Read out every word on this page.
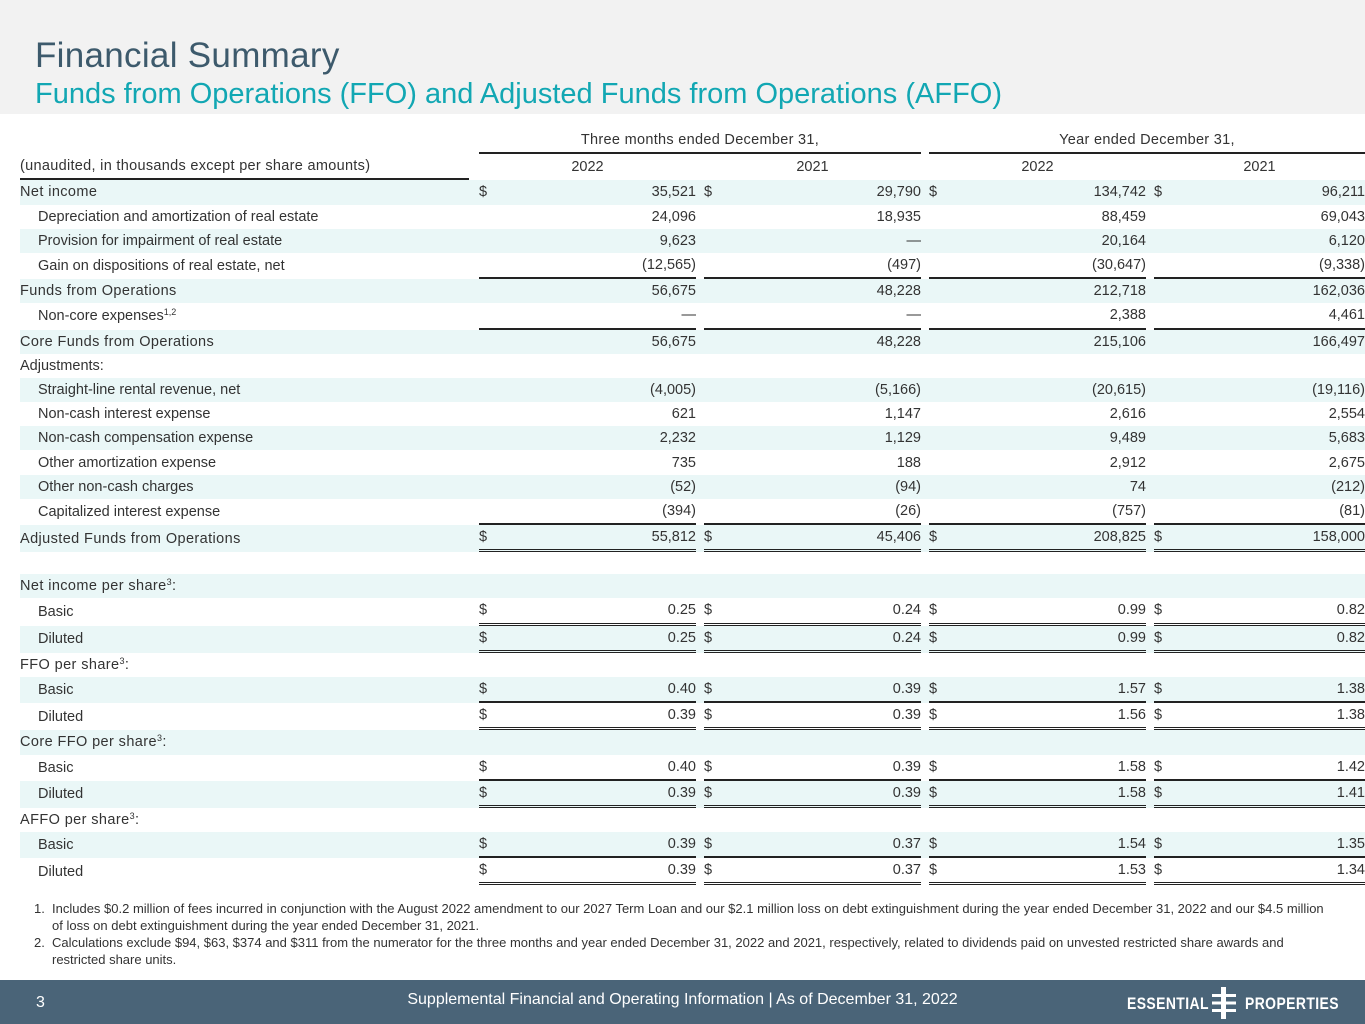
Financial Summary
Funds from Operations (FFO) and Adjusted Funds from Operations (AFFO)
		Three months ended December 31,						Year ended December 31,				
(unaudited, in thousands except per share amounts)		2022			2021			2022			2021	
Net income		$	35,521		$	29,790		$	134,742		$	96,211
Depreciation and amortization of real estate			24,096			18,935			88,459			69,043
Provision for impairment of real estate			9,623			—			20,164			6,120
Gain on dispositions of real estate, net			(12,565)			(497)			(30,647)			(9,338)
Funds from Operations			56,675			48,228			212,718			162,036
Non-core expenses$^{1,2}$			—			—			2,388			4,461
Core Funds from Operations			56,675			48,228			215,106			166,497
Adjustments:												
Straight-line rental revenue, net			(4,005)			(5,166)			(20,615)			(19,116)
Non-cash interest expense			621			1,147			2,616			2,554
Non-cash compensation expense			2,232			1,129			9,489			5,683
Other amortization expense			735			188			2,912			2,675
Other non-cash charges			(52)			(94)			74			(212)
Capitalized interest expense			(394)			(26)			(757)			(81)
Adjusted Funds from Operations		$	55,812		$	45,406		$	208,825		$	158,000

Net income per share$^3$:												
Basic		$	0.25		$	0.24		$	0.99		$	0.82
Diluted		$	0.25		$	0.24		$	0.99		$	0.82
FFO per share$^3$:												
Basic		$	0.40		$	0.39		$	1.57		$	1.38
Diluted		$	0.39		$	0.39		$	1.56		$	1.38
Core FFO per share$^3$:												
Basic		$	0.40		$	0.39		$	1.58		$	1.42
Diluted		$	0.39		$	0.39		$	1.58		$	1.41
AFFO per share$^3$:												
Basic		$	0.39		$	0.37		$	1.54		$	1.35
Diluted		$	0.39		$	0.37		$	1.53		$	1.34
1. Includes $0.2 million of fees incurred in conjunction with the August 2022 amendment to our 2027 Term Loan and our $2.1 million loss on debt extinguishment during the year ended December 31, 2022 and our $4.5 million of loss on debt extinguishment during the year ended December 31, 2021.
2. Calculations exclude $94, $63, $374 and $311 from the numerator for the three months and year ended December 31, 2022 and 2021, respectively, related to dividends paid on unvested restricted share awards and restricted share units.
3	Supplemental Financial and Operating Information | As of December 31, 2022	ESSENTIAL PROPERTIES
